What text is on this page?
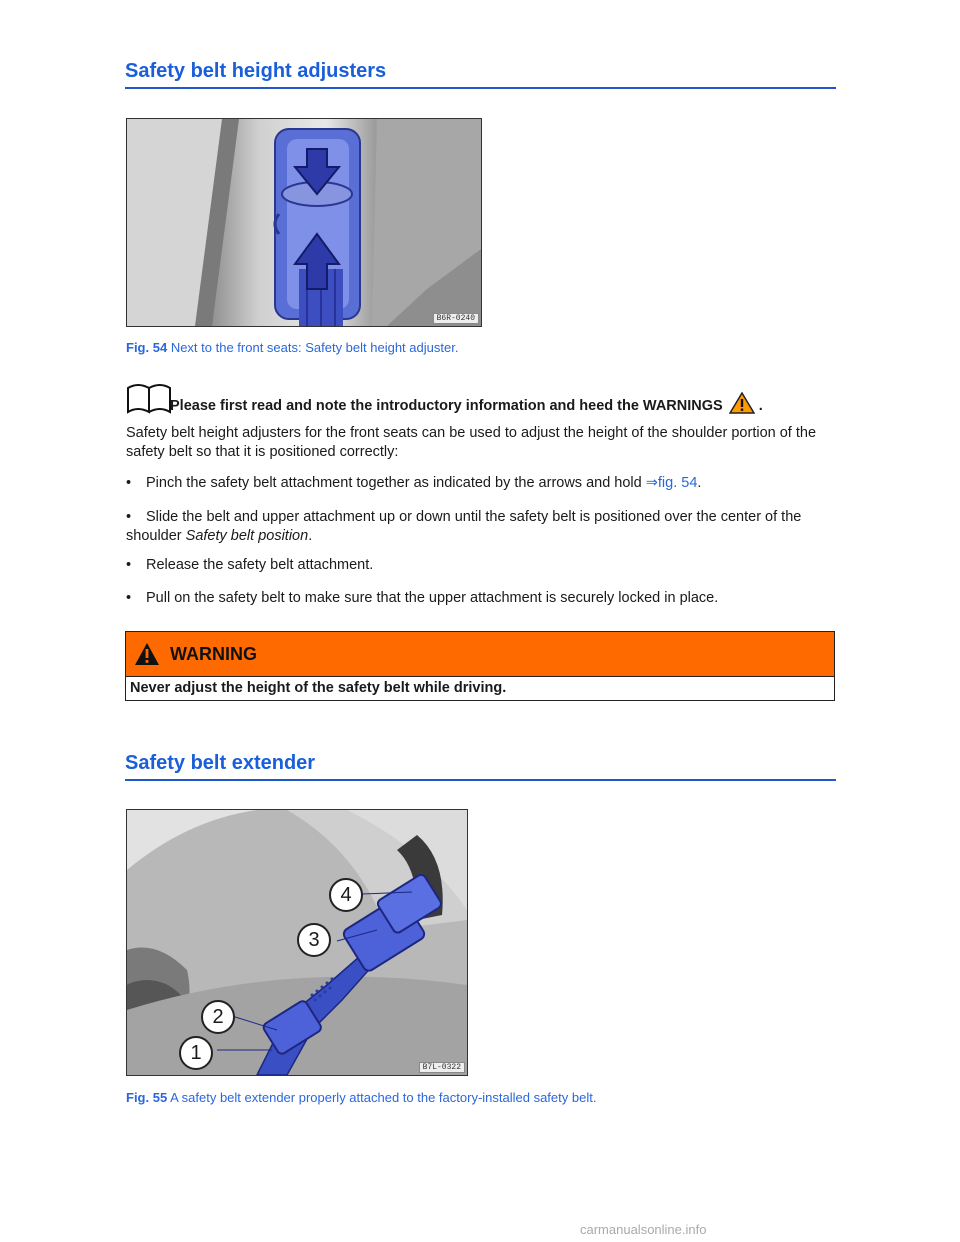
Safety belt height adjusters
B6R-0240
Fig. 54 Next to the front seats: Safety belt height adjuster.
Please first read and note the introductory information and heed the WARNINGS .
Safety belt height adjusters for the front seats can be used to adjust the height of the shoulder portion of the safety belt so that it is positioned correctly:
• Pinch the safety belt attachment together as indicated by the arrows and hold ⇒fig. 54.
• Slide the belt and upper attachment up or down until the safety belt is positioned over the center of the shoulder Safety belt position.
• Release the safety belt attachment.
• Pull on the safety belt to make sure that the upper attachment is securely locked in place.
WARNING
Never adjust the height of the safety belt while driving.
Safety belt extender
1
2
3
4
B7L-0322
Fig. 55 A safety belt extender properly attached to the factory-installed safety belt.
carmanualsonline.info
